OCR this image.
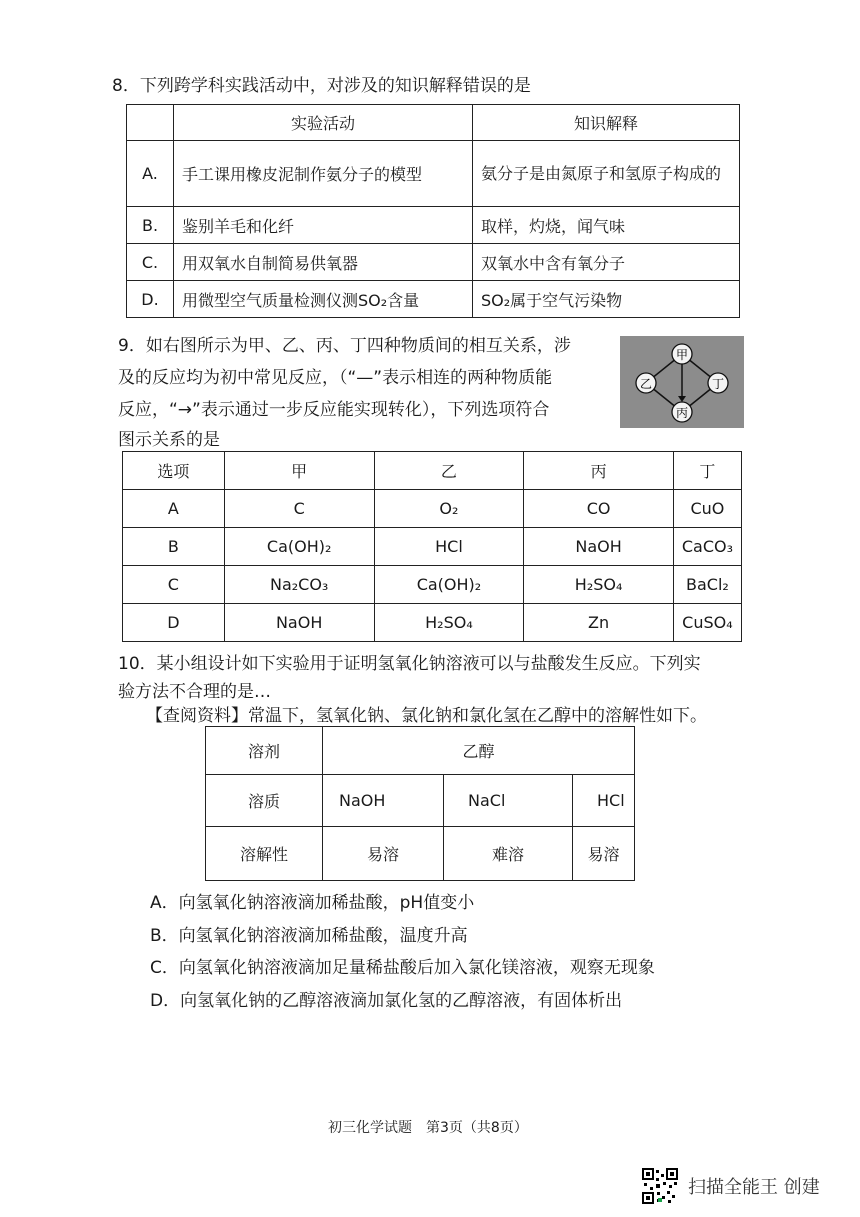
8．下列跨学科实践活动中，对涉及的知识解释错误的是
	实验活动	知识解释
A.	手工课用橡皮泥制作氨分子的模型	氨分子是由氮原子和氢原子构成的
B.	鉴别羊毛和化纤	取样，灼烧，闻气味
C.	用双氧水自制简易供氧器	双氧水中含有氧分子
D.	用微型空气质量检测仪测SO₂含量	SO₂属于空气污染物
9．如右图所示为甲、乙、丙、丁四种物质间的相互关系，涉
及的反应均为初中常见反应，（“—”表示相连的两种物质能
反应，“→”表示通过一步反应能实现转化），下列选项符合
图示关系的是
甲
乙	丁
丙
选项	甲	乙	丙	丁
A	C	O₂	CO	CuO
B	Ca(OH)₂	HCl	NaOH	CaCO₃
C	Na₂CO₃	Ca(OH)₂	H₂SO₄	BaCl₂
D	NaOH	H₂SO₄	Zn	CuSO₄
10．某小组设计如下实验用于证明氢氧化钠溶液可以与盐酸发生反应。下列实
验方法不合理的是…
【查阅资料】常温下，氢氧化钠、氯化钠和氯化氢在乙醇中的溶解性如下。
溶剂	乙醇		
溶质	NaOH	NaCl	HCl
溶解性	易溶	难溶	易溶
A．向氢氧化钠溶液滴加稀盐酸，pH值变小
B．向氢氧化钠溶液滴加稀盐酸，温度升高
C．向氢氧化钠溶液滴加足量稀盐酸后加入氯化镁溶液，观察无现象
D．向氢氧化钠的乙醇溶液滴加氯化氢的乙醇溶液，有固体析出
初三化学试题　第3页（共8页）
扫描全能王 创建
